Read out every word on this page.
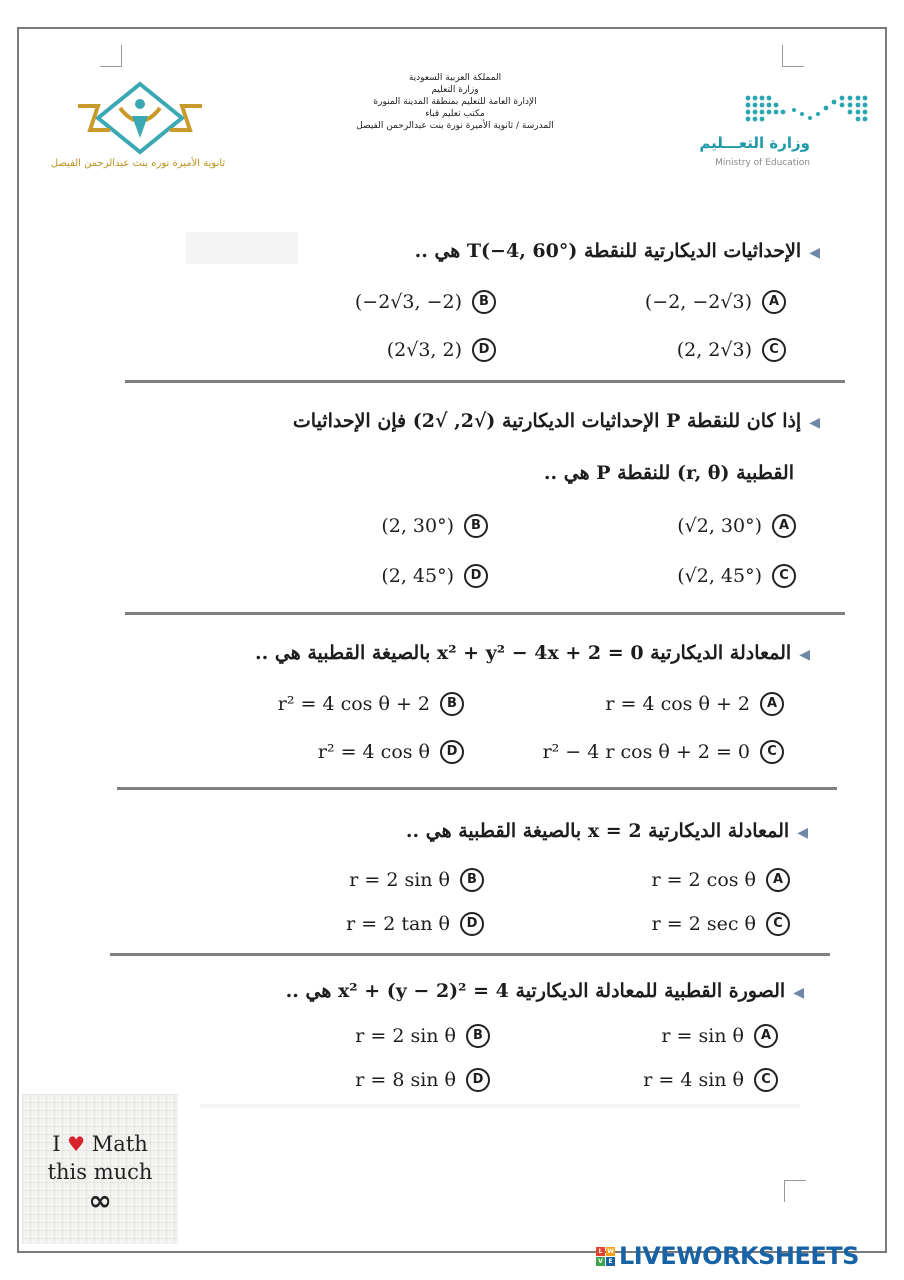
ثانوية الأميرة نوره بنت عبدالرحمن الفيصل
المملكة العربية السعودية
وزارة التعليم
الإدارة العامة للتعليم بمنطقة المدينة المنورة
مكتب تعليم قباء
المدرسة / ثانوية الأميرة نورة بنت عبدالرحمن الفيصل
وزارة التعـــليم
Ministry of Education
◀الإحداثيات الديكارتية للنقطة (°T(−4, 60 هي ..
A(−2, −2√3)
B(−2√3, −2)
C(2, 2√3)
D(2√3, 2)
◀إذا كان للنقطة P الإحداثيات الديكارتية (√2, √2) فإن الإحداثيات
القطبية (r, θ) للنقطة P هي ..
A(√2, 30°)
B(2, 30°)
C(√2, 45°)
D(2, 45°)
◀المعادلة الديكارتية 0 = x² + y² − 4x + 2 بالصيغة القطبية هي ..
Ar = 4 cos θ + 2
Br² = 4 cos θ + 2
Cr² − 4 r cos θ + 2 = 0
Dr² = 4 cos θ
◀المعادلة الديكارتية 2 = x بالصيغة القطبية هي ..
Ar = 2 cos θ
Br = 2 sin θ
Cr = 2 sec θ
Dr = 2 tan θ
◀الصورة القطبية للمعادلة الديكارتية 4 = x² + (y − 2)² هي ..
Ar = sin θ
Br = 2 sin θ
Cr = 4 sin θ
Dr = 8 sin θ
I ♥ Math
this much
∞
L W
V E LIVEWORKSHEETS
